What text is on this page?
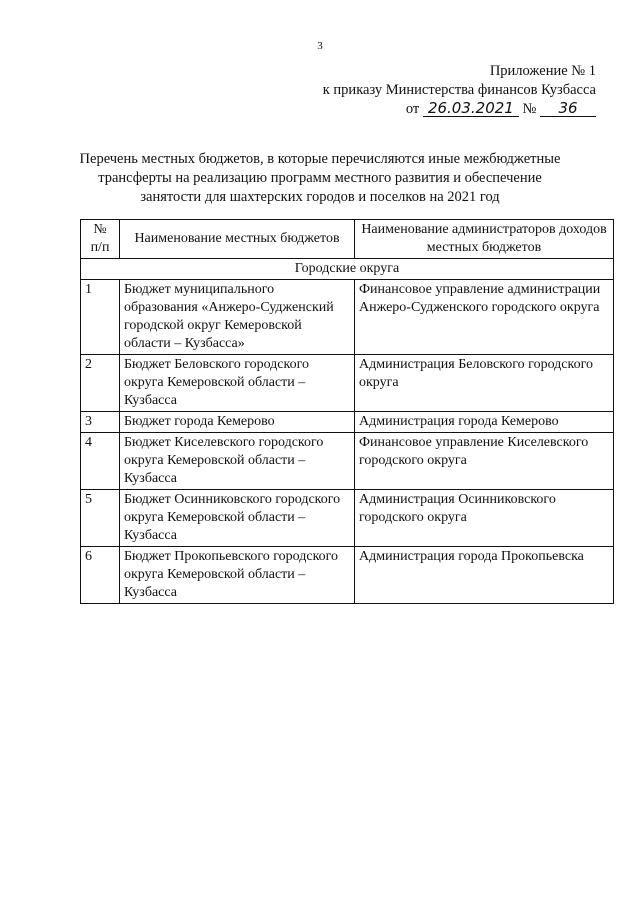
3
Приложение № 1
к приказу Министерства финансов Кузбасса
от 26.03.2021 № 36
Перечень местных бюджетов, в которые перечисляются иные межбюджетные
трансферты на реализацию программ местного развития и обеспечение
занятости для шахтерских городов и поселков на 2021 год
№
п/п	Наименование местных бюджетов	Наименование администраторов доходов местных бюджетов
Городские округа		
1	Бюджет муниципального образования «Анжеро-Судженский городской округ Кемеровской области – Кузбасса»	Финансовое управление администрации Анжеро-Судженского городского округа
2	Бюджет Беловского городского округа Кемеровской области – Кузбасса	Администрация Беловского городского округа
3	Бюджет города Кемерово	Администрация города Кемерово
4	Бюджет Киселевского городского округа Кемеровской области – Кузбасса	Финансовое управление Киселевского городского округа
5	Бюджет Осинниковского городского округа Кемеровской области – Кузбасса	Администрация Осинниковского городского округа
6	Бюджет Прокопьевского городского округа Кемеровской области – Кузбасса	Администрация города Прокопьевска
